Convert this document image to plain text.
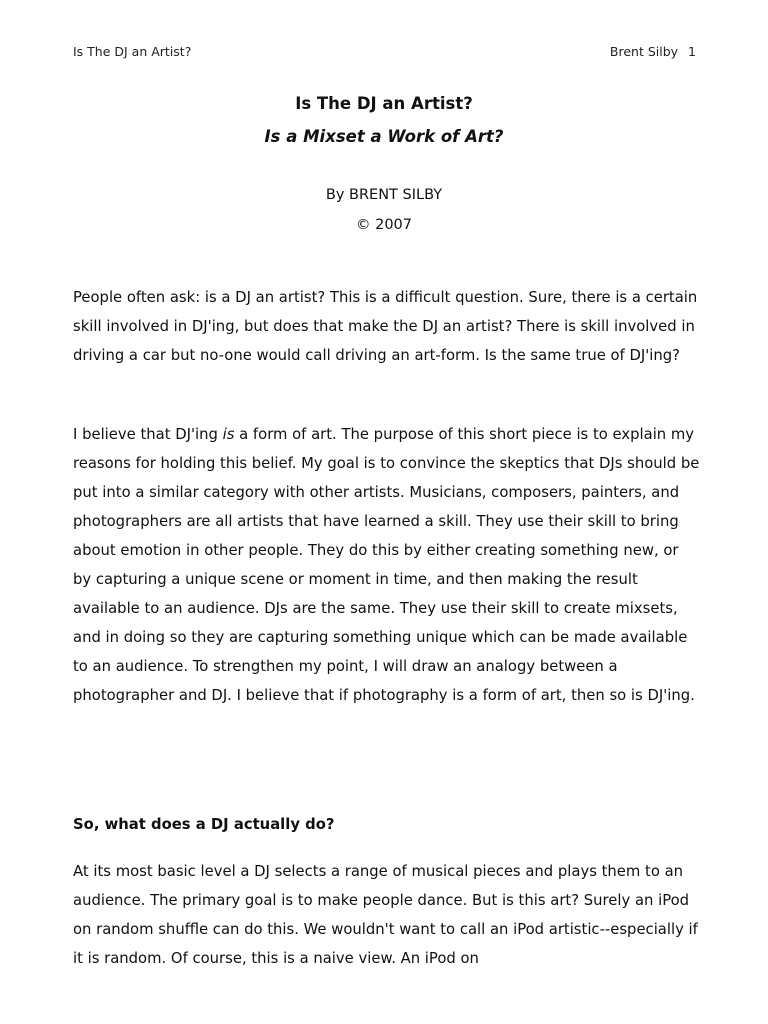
Is The DJ an Artist?	Brent Silby 1
Is The DJ an Artist?
Is a Mixset a Work of Art?
By BRENT SILBY
© 2007

People often ask: is a DJ an artist? This is a difficult question. Sure, there is a certain skill involved in DJ'ing, but does that make the DJ an artist? There is skill involved in driving a car but no-one would call driving an art-form. Is the same true of DJ'ing?

I believe that DJ'ing is a form of art. The purpose of this short piece is to explain my reasons for holding this belief. My goal is to convince the skeptics that DJs should be put into a similar category with other artists. Musicians, composers, painters, and photographers are all artists that have learned a skill. They use their skill to bring about emotion in other people. They do this by either creating something new, or by capturing a unique scene or moment in time, and then making the result available to an audience. DJs are the same. They use their skill to create mixsets, and in doing so they are capturing something unique which can be made available to an audience. To strengthen my point, I will draw an analogy between a photographer and DJ. I believe that if photography is a form of art, then so is DJ'ing.

So, what does a DJ actually do?

At its most basic level a DJ selects a range of musical pieces and plays them to an audience. The primary goal is to make people dance. But is this art? Surely an iPod on random shuffle can do this. We wouldn't want to call an iPod artistic--especially if it is random. Of course, this is a naive view. An iPod on
